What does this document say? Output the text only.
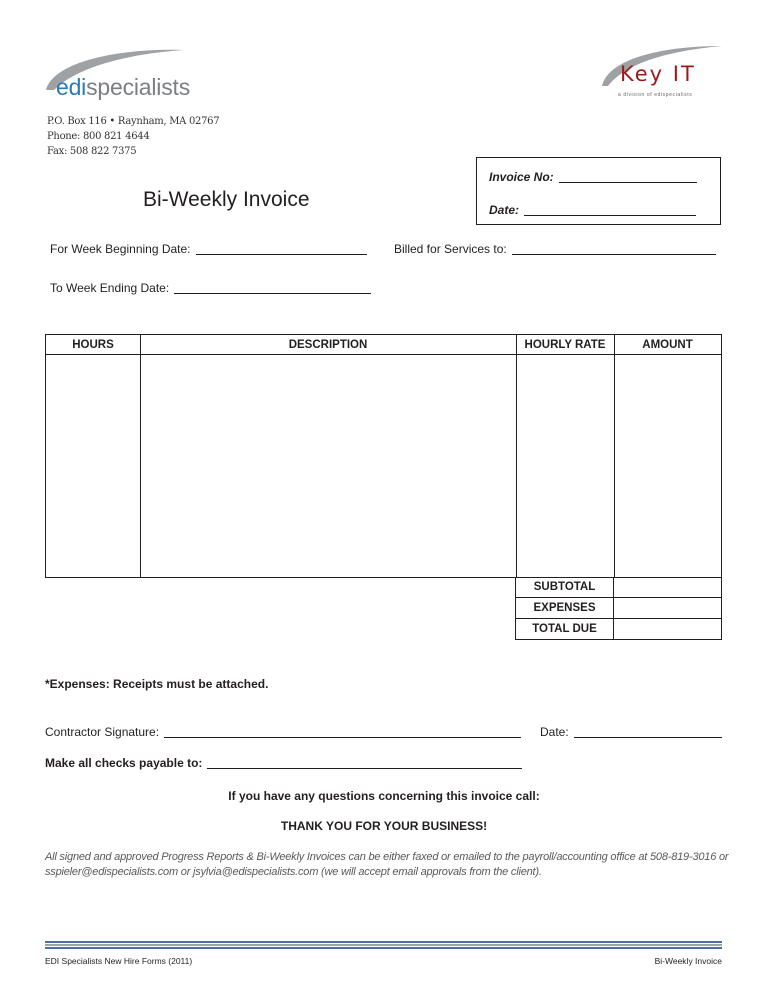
edispecialists	Key IT
a division of edispecialists
P.O. Box 116 • Raynham, MA 02767
Phone: 800 821 4644
Fax: 508 822 7375
Bi-Weekly Invoice
Invoice No:
Date:
For Week Beginning Date:	Billed for Services to:
To Week Ending Date:
HOURS	DESCRIPTION	HOURLY RATE	AMOUNT
SUBTOTAL
EXPENSES
TOTAL DUE
*Expenses: Receipts must be attached.
Contractor Signature:	Date:
Make all checks payable to:
If you have any questions concerning this invoice call:
THANK YOU FOR YOUR BUSINESS!
All signed and approved Progress Reports & Bi-Weekly Invoices can be either faxed or emailed to the payroll/accounting office at 508-819-3016 or sspieler@edispecialists.com or jsylvia@edispecialists.com (we will accept email approvals from the client).
EDI Specialists New Hire Forms (2011)	Bi-Weekly Invoice
